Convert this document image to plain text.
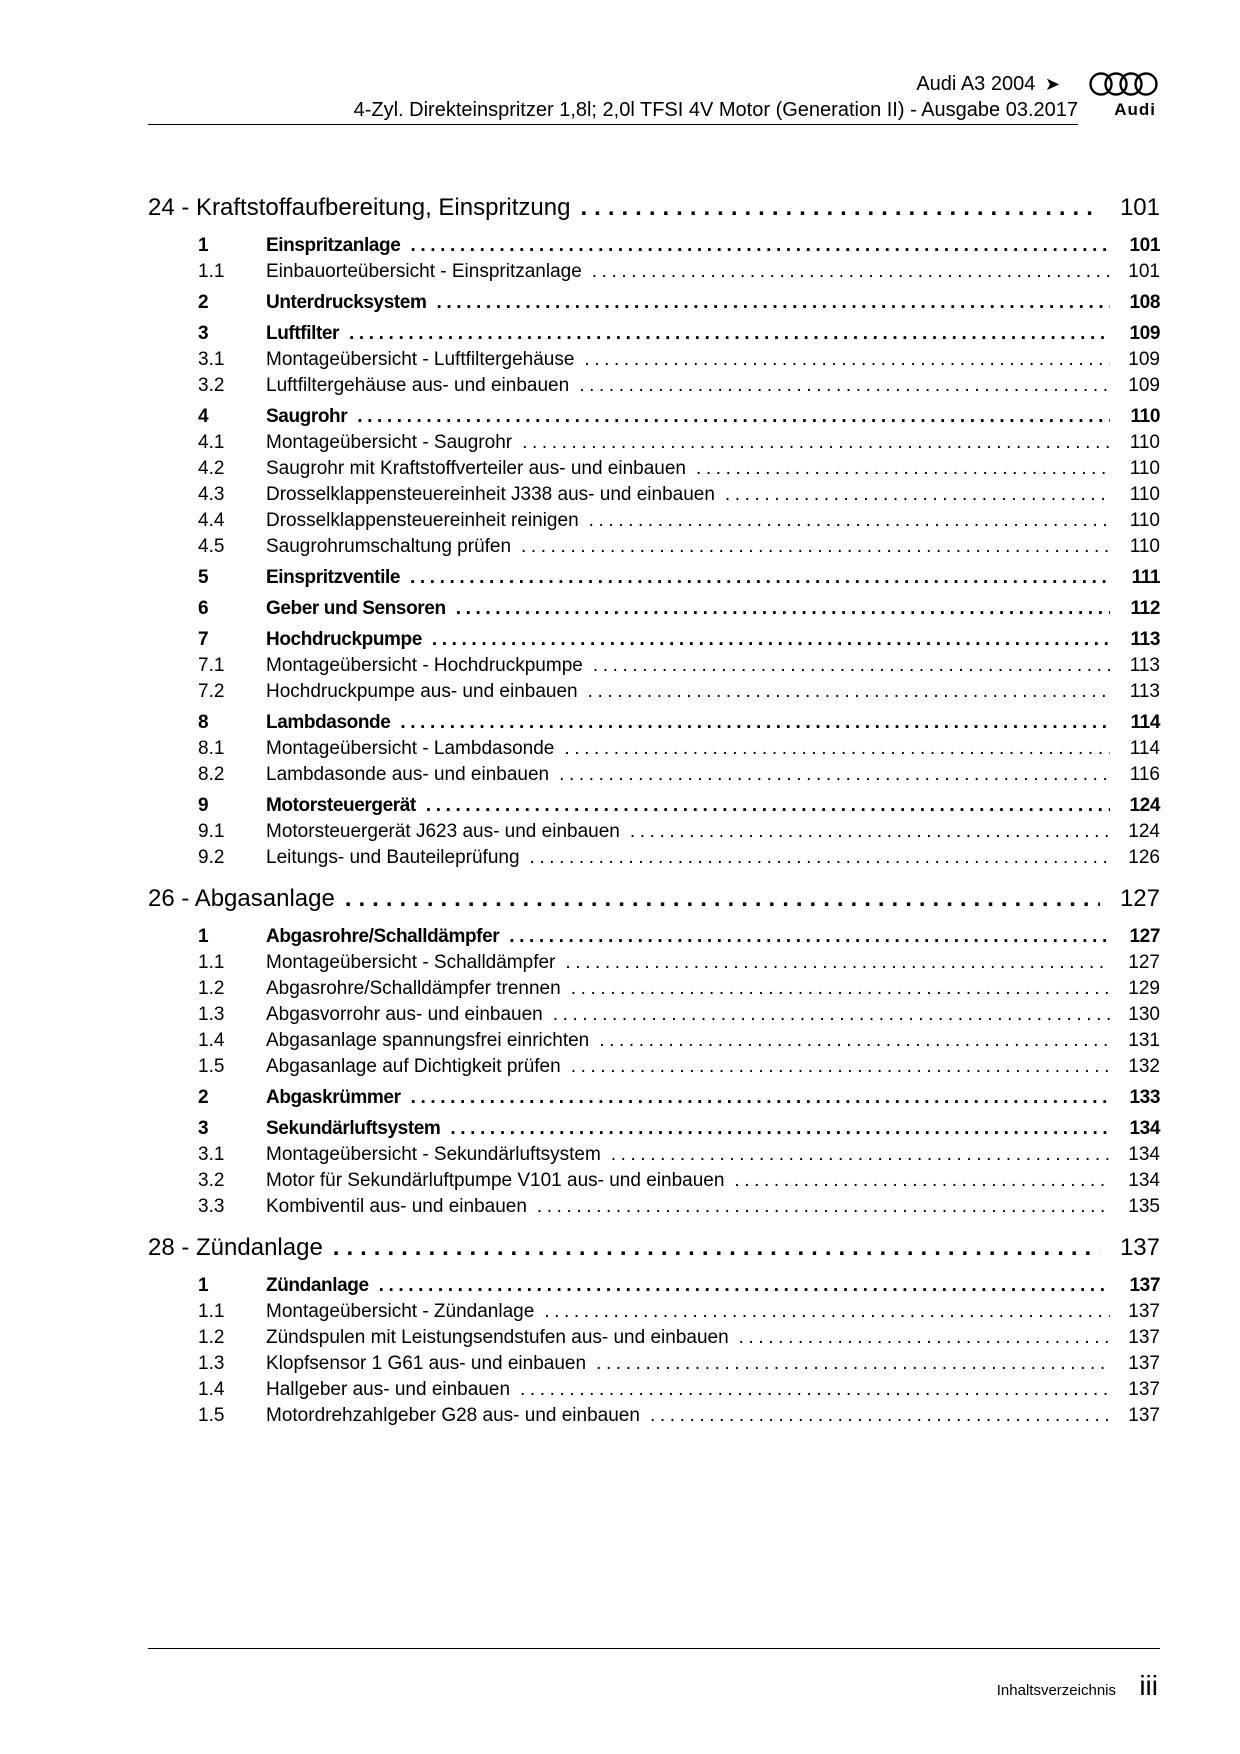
Audi A3 2004 ➤
4-Zyl. Direkteinspritzer 1,8l; 2,0l TFSI 4V Motor (Generation II) - Ausgabe 03.2017 Audi
24 - Kraftstoffaufbereitung, Einspritzung .....	101
1	Einspritzanlage .....	101
1.1	Einbauorteübersicht - Einspritzanlage .....	101
2	Unterdrucksystem .....	108
3	Luftfilter .....	109
3.1	Montageübersicht - Luftfiltergehäuse .....	109
3.2	Luftfiltergehäuse aus- und einbauen .....	109
4	Saugrohr .....	110
4.1	Montageübersicht - Saugrohr .....	110
4.2	Saugrohr mit Kraftstoffverteiler aus- und einbauen .....	110
4.3	Drosselklappensteuereinheit J338 aus- und einbauen .....	110
4.4	Drosselklappensteuereinheit reinigen .....	110
4.5	Saugrohrumschaltung prüfen .....	110
5	Einspritzventile .....	111
6	Geber und Sensoren .....	112
7	Hochdruckpumpe .....	113
7.1	Montageübersicht - Hochdruckpumpe .....	113
7.2	Hochdruckpumpe aus- und einbauen .....	113
8	Lambdasonde .....	114
8.1	Montageübersicht - Lambdasonde .....	114
8.2	Lambdasonde aus- und einbauen .....	116
9	Motorsteuergerät .....	124
9.1	Motorsteuergerät J623 aus- und einbauen .....	124
9.2	Leitungs- und Bauteileprüfung .....	126
26 - Abgasanlage .....	127
1	Abgasrohre/Schalldämpfer .....	127
1.1	Montageübersicht - Schalldämpfer .....	127
1.2	Abgasrohre/Schalldämpfer trennen .....	129
1.3	Abgasvorrohr aus- und einbauen .....	130
1.4	Abgasanlage spannungsfrei einrichten .....	131
1.5	Abgasanlage auf Dichtigkeit prüfen .....	132
2	Abgaskrümmer .....	133
3	Sekundärluftsystem .....	134
3.1	Montageübersicht - Sekundärluftsystem .....	134
3.2	Motor für Sekundärluftpumpe V101 aus- und einbauen .....	134
3.3	Kombiventil aus- und einbauen .....	135
28 - Zündanlage .....	137
1	Zündanlage .....	137
1.1	Montageübersicht - Zündanlage .....	137
1.2	Zündspulen mit Leistungsendstufen aus- und einbauen .....	137
1.3	Klopfsensor 1 G61 aus- und einbauen .....	137
1.4	Hallgeber aus- und einbauen .....	137
1.5	Motordrehzahlgeber G28 aus- und einbauen .....	137
Inhaltsverzeichnis iii
